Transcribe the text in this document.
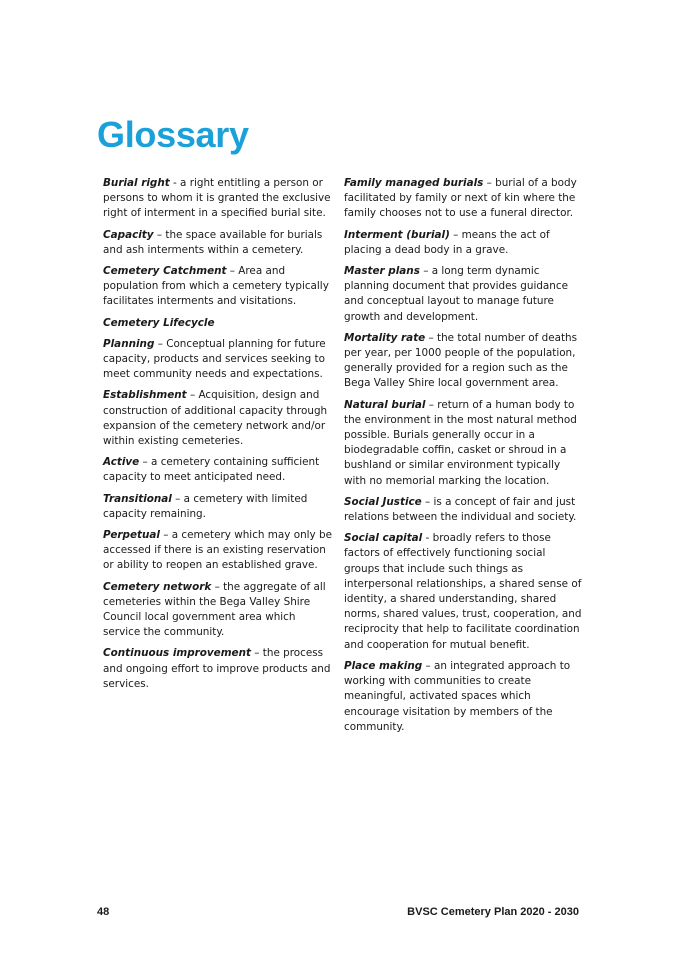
Glossary

Burial right - a right entitling a person or persons to whom it is granted the exclusive right of interment in a specified burial site.

Capacity – the space available for burials and ash interments within a cemetery.

Cemetery Catchment – Area and population from which a cemetery typically facilitates interments and visitations.

Cemetery Lifecycle

Planning – Conceptual planning for future capacity, products and services seeking to meet community needs and expectations.

Establishment – Acquisition, design and construction of additional capacity through expansion of the cemetery network and/or within existing cemeteries.

Active – a cemetery containing sufficient capacity to meet anticipated need.

Transitional – a cemetery with limited capacity remaining.

Perpetual – a cemetery which may only be accessed if there is an existing reservation or ability to reopen an established grave.

Cemetery network – the aggregate of all cemeteries within the Bega Valley Shire Council local government area which service the community.

Continuous improvement – the process and ongoing effort to improve products and services.

Family managed burials – burial of a body facilitated by family or next of kin where the family chooses not to use a funeral director.

Interment (burial) – means the act of placing a dead body in a grave.

Master plans – a long term dynamic planning document that provides guidance and conceptual layout to manage future growth and development.

Mortality rate – the total number of deaths per year, per 1000 people of the population, generally provided for a region such as the Bega Valley Shire local government area.

Natural burial – return of a human body to the environment in the most natural method possible. Burials generally occur in a biodegradable coffin, casket or shroud in a bushland or similar environment typically with no memorial marking the location.

Social Justice – is a concept of fair and just relations between the individual and society.

Social capital - broadly refers to those factors of effectively functioning social groups that include such things as interpersonal relationships, a shared sense of identity, a shared understanding, shared norms, shared values, trust, cooperation, and reciprocity that help to facilitate coordination and cooperation for mutual benefit.

Place making – an integrated approach to working with communities to create meaningful, activated spaces which encourage visitation by members of the community.

48	BVSC Cemetery Plan 2020 - 2030
